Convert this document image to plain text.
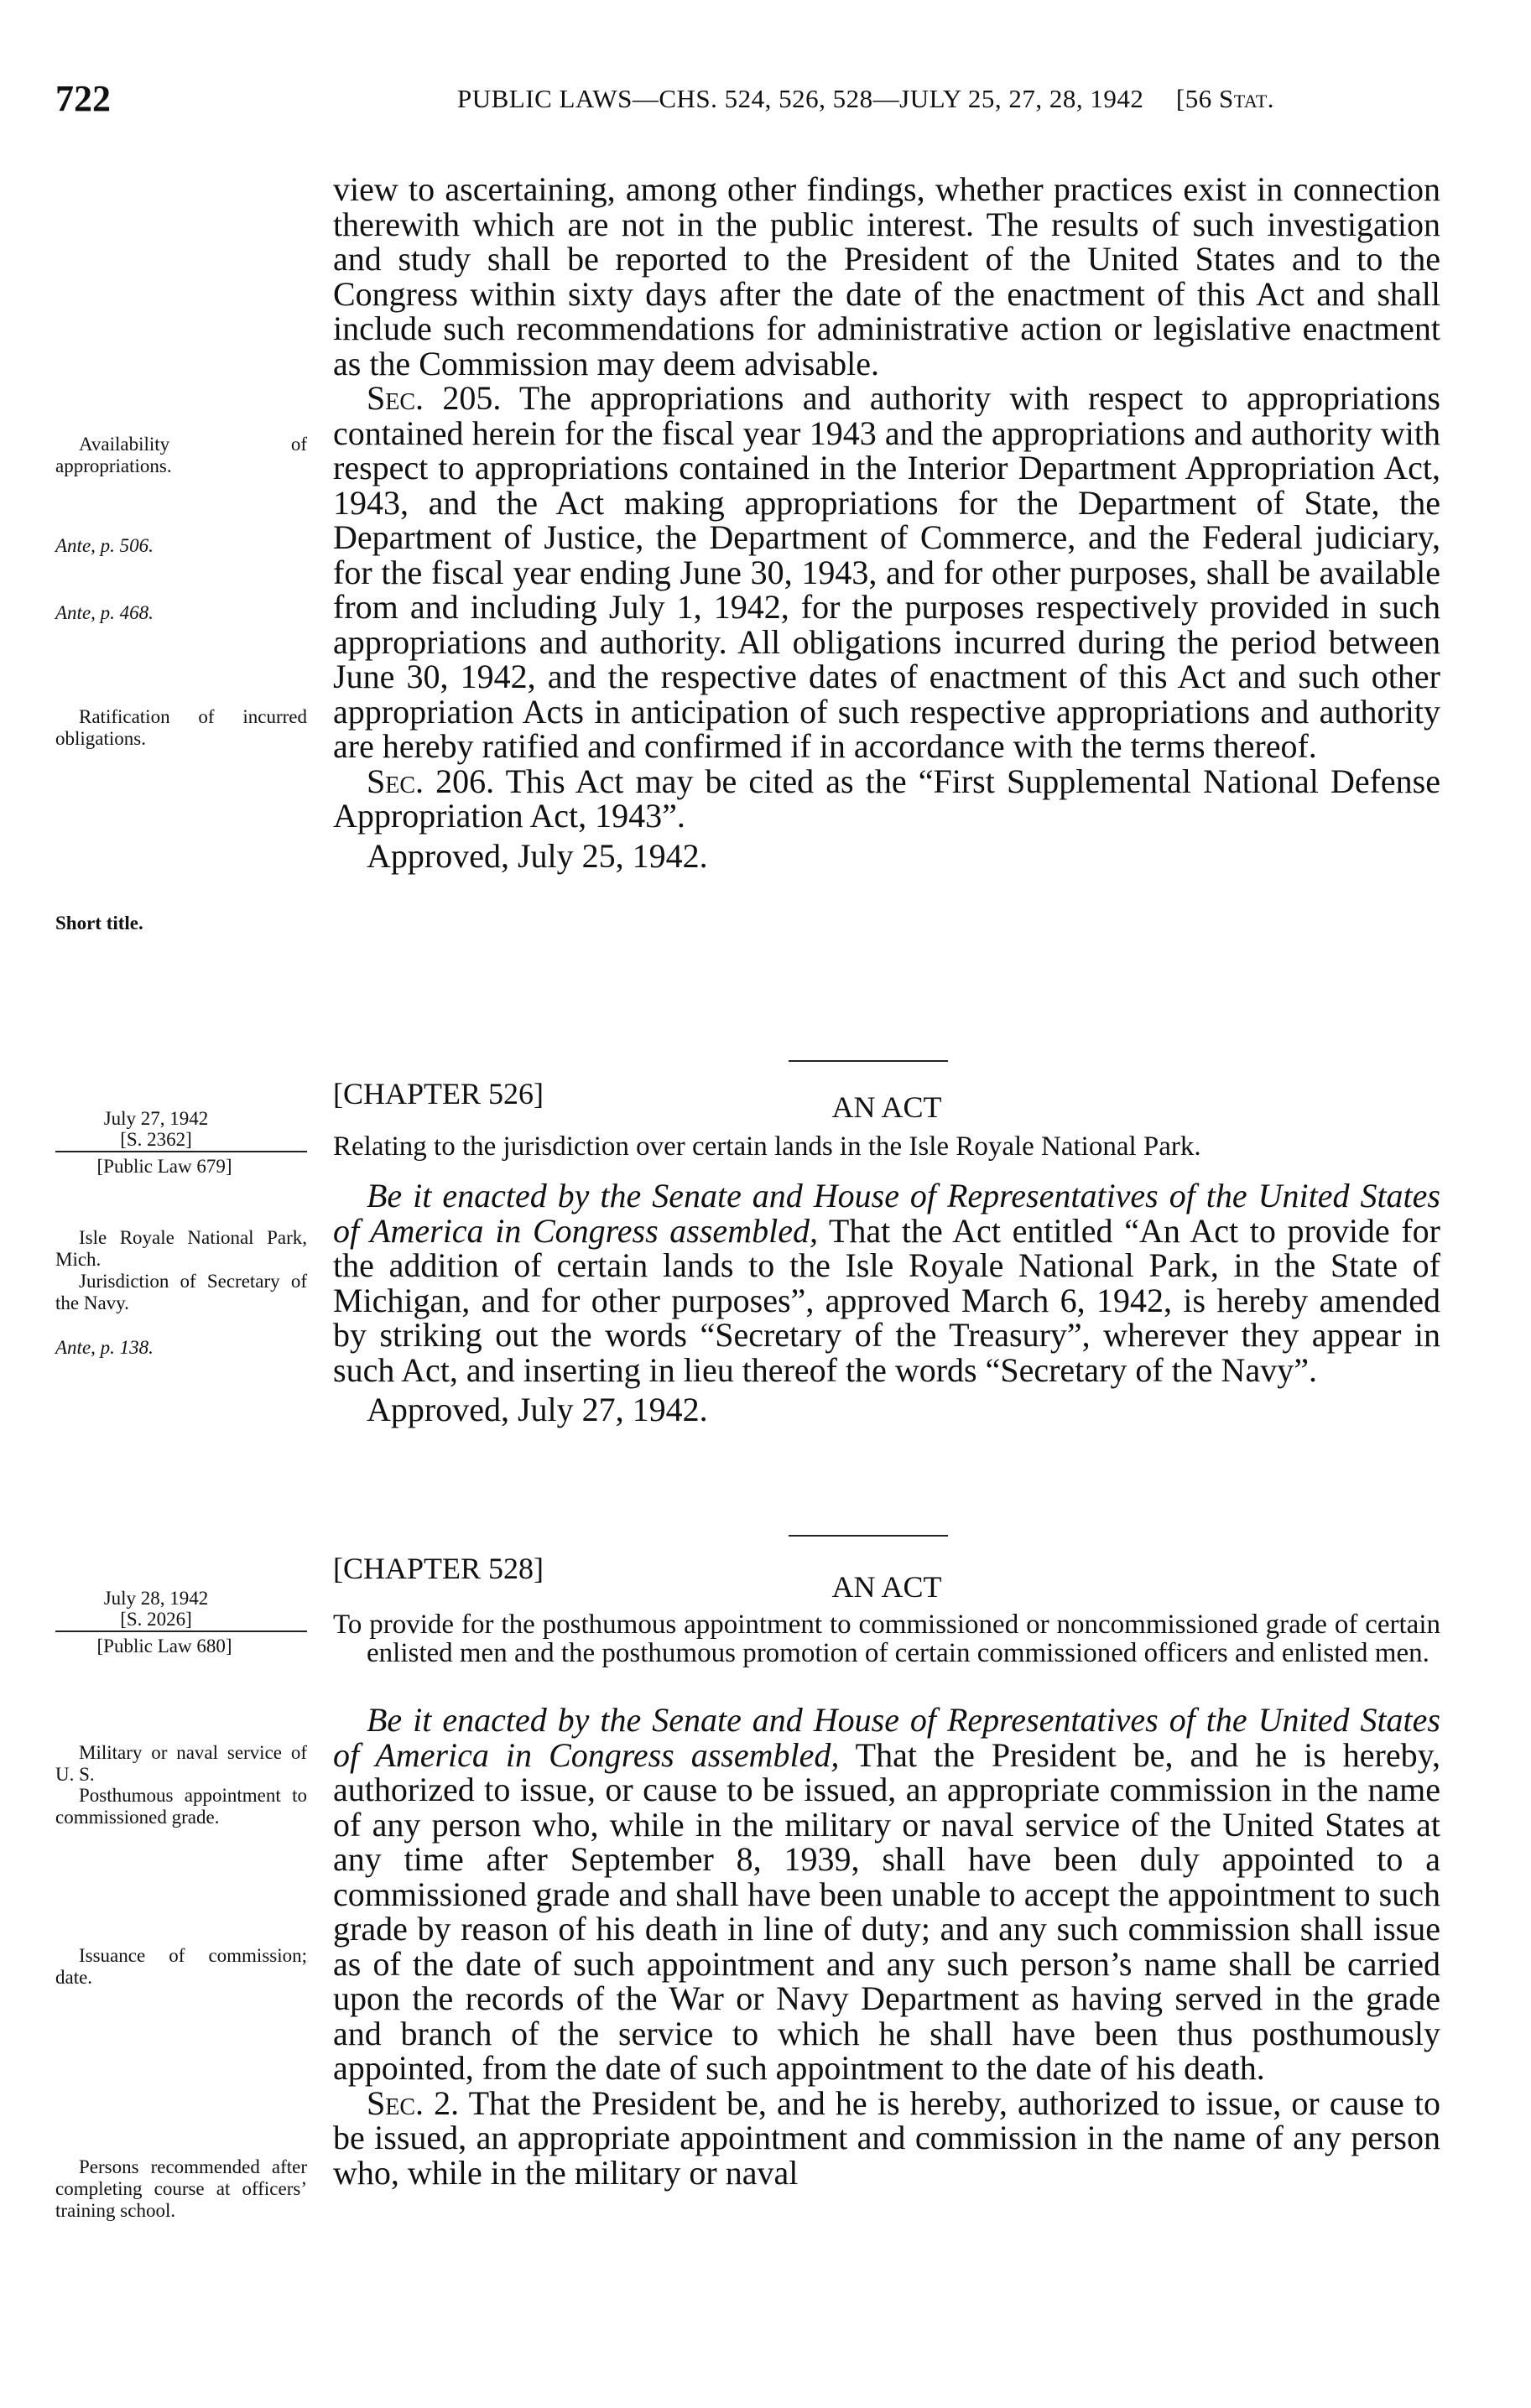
722	PUBLIC LAWS—CHS. 524, 526, 528—JULY 25, 27, 28, 1942 [56 Stat.
Availability of appropriations.
Ante, p. 506.
Ante, p. 468.
Ratification of incurred obligations.
Short title.
July 27, 1942
[S. 2362]
[Public Law 679]
Isle Royale National Park, Mich.
Jurisdiction of Secretary of the Navy.
Ante, p. 138.
July 28, 1942
[S. 2026]
[Public Law 680]
Military or naval service of U. S.
Posthumous appointment to commissioned grade.
Issuance of commission; date.
Persons recommended after completing course at officers’ training school.

view to ascertaining, among other findings, whether practices exist in connection therewith which are not in the public interest. The results of such investigation and study shall be reported to the President of the United States and to the Congress within sixty days after the date of the enactment of this Act and shall include such recommendations for administrative action or legislative enactment as the Commission may deem advisable.

Sec. 205. The appropriations and authority with respect to appropriations contained herein for the fiscal year 1943 and the appropriations and authority with respect to appropriations contained in the Interior Department Appropriation Act, 1943, and the Act making appropriations for the Department of State, the Department of Justice, the Department of Commerce, and the Federal judiciary, for the fiscal year ending June 30, 1943, and for other purposes, shall be available from and including July 1, 1942, for the purposes respectively provided in such appropriations and authority. All obligations incurred during the period between June 30, 1942, and the respective dates of enactment of this Act and such other appropriation Acts in anticipation of such respective appropriations and authority are hereby ratified and confirmed if in accordance with the terms thereof.

Sec. 206. This Act may be cited as the “First Supplemental National Defense Appropriation Act, 1943”.

Approved, July 25, 1942.

[CHAPTER 526]	AN ACT
Relating to the jurisdiction over certain lands in the Isle Royale National Park.

Be it enacted by the Senate and House of Representatives of the United States of America in Congress assembled, That the Act entitled “An Act to provide for the addition of certain lands to the Isle Royale National Park, in the State of Michigan, and for other purposes”, approved March 6, 1942, is hereby amended by striking out the words “Secretary of the Treasury”, wherever they appear in such Act, and inserting in lieu thereof the words “Secretary of the Navy”.

Approved, July 27, 1942.

[CHAPTER 528]
AN ACT
To provide for the posthumous appointment to commissioned or noncommissioned grade of certain enlisted men and the posthumous promotion of certain commissioned officers and enlisted men.

Be it enacted by the Senate and House of Representatives of the United States of America in Congress assembled, That the President be, and he is hereby, authorized to issue, or cause to be issued, an appropriate commission in the name of any person who, while in the military or naval service of the United States at any time after September 8, 1939, shall have been duly appointed to a commissioned grade and shall have been unable to accept the appointment to such grade by reason of his death in line of duty; and any such commission shall issue as of the date of such appointment and any such person’s name shall be carried upon the records of the War or Navy Department as having served in the grade and branch of the service to which he shall have been thus posthumously appointed, from the date of such appointment to the date of his death.

Sec. 2. That the President be, and he is hereby, authorized to issue, or cause to be issued, an appropriate appointment and commission in the name of any person who, while in the military or naval
